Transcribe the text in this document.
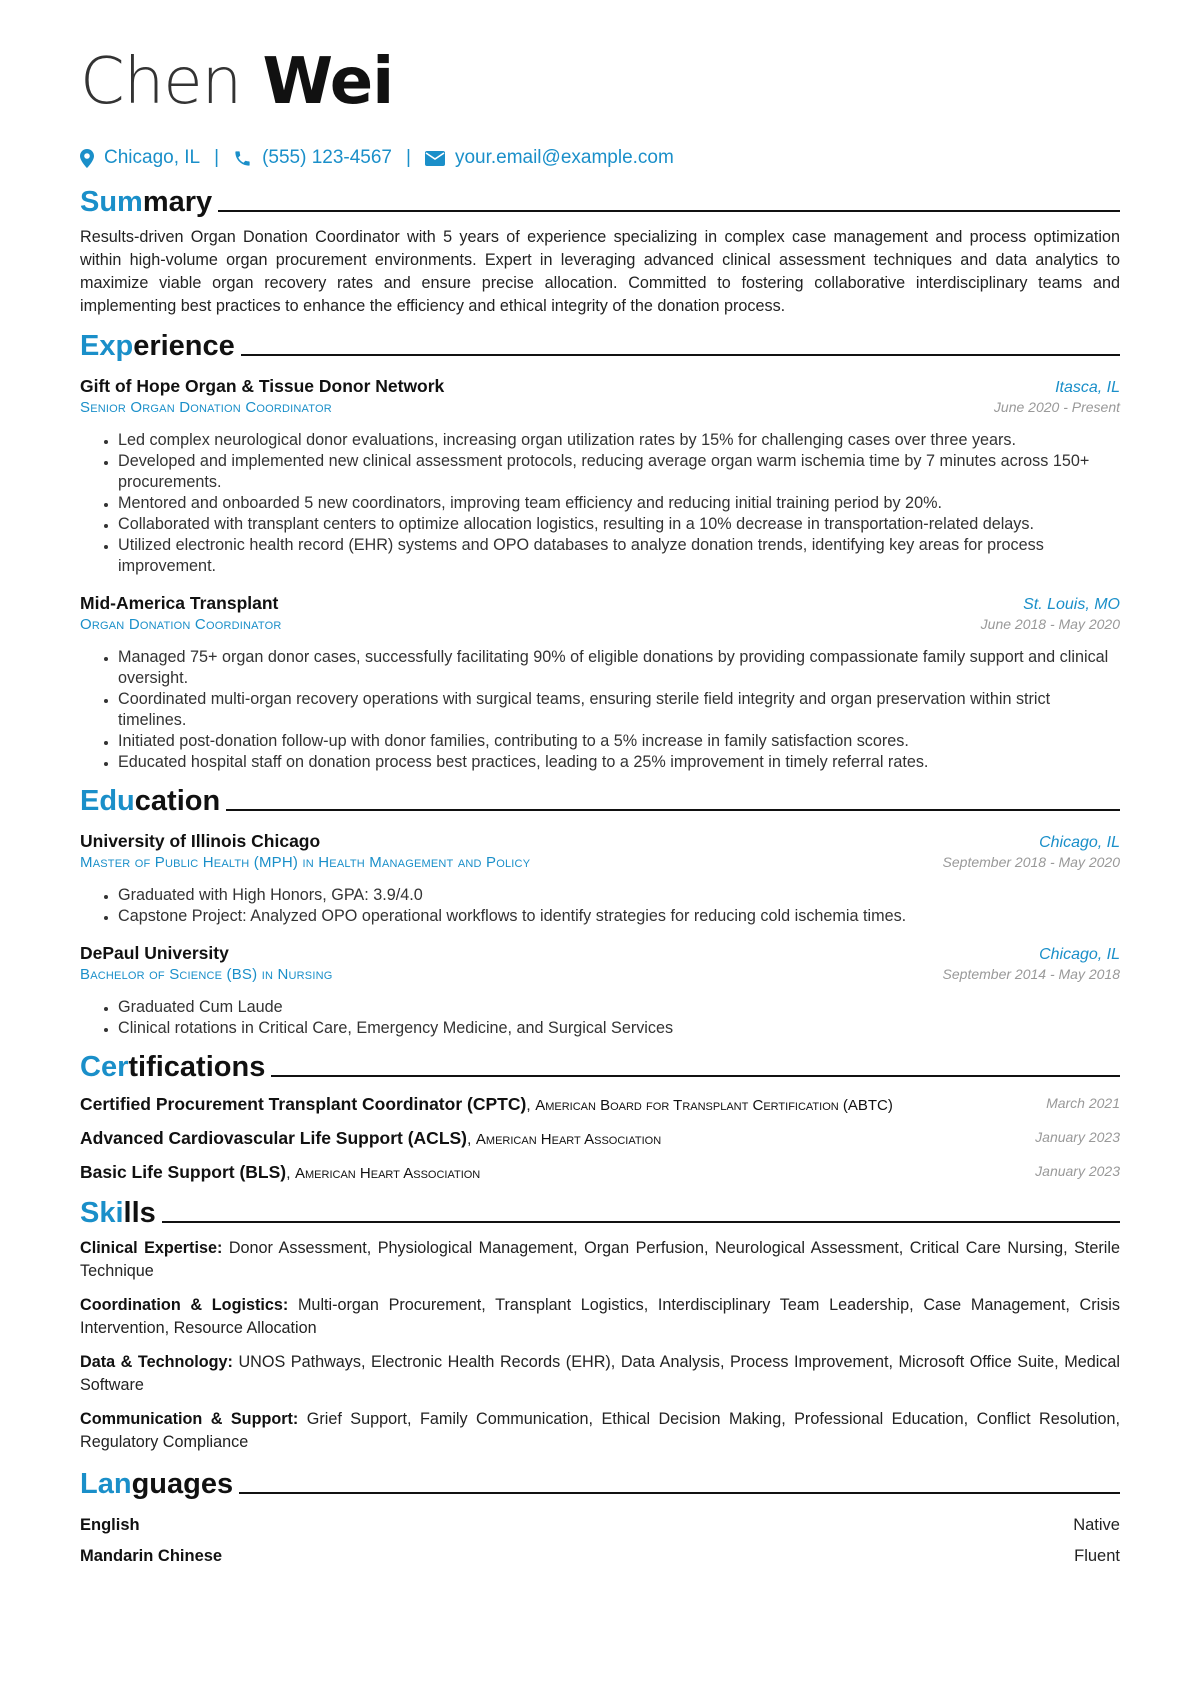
Chen Wei
Chicago, IL | (555) 123-4567 | your.email@example.com
Summary
Results-driven Organ Donation Coordinator with 5 years of experience specializing in complex case management and process optimization within high-volume organ procurement environments. Expert in leveraging advanced clinical assessment techniques and data analytics to maximize viable organ recovery rates and ensure precise allocation. Committed to fostering collaborative interdisciplinary teams and implementing best practices to enhance the efficiency and ethical integrity of the donation process.
Experience
Gift of Hope Organ & Tissue Donor Network	Itasca, IL
Senior Organ Donation Coordinator	June 2020 - Present
• Led complex neurological donor evaluations, increasing organ utilization rates by 15% for challenging cases over three years.
• Developed and implemented new clinical assessment protocols, reducing average organ warm ischemia time by 7 minutes across 150+ procurements.
• Mentored and onboarded 5 new coordinators, improving team efficiency and reducing initial training period by 20%.
• Collaborated with transplant centers to optimize allocation logistics, resulting in a 10% decrease in transportation-related delays.
• Utilized electronic health record (EHR) systems and OPO databases to analyze donation trends, identifying key areas for process improvement.
Mid-America Transplant	St. Louis, MO
Organ Donation Coordinator	June 2018 - May 2020
• Managed 75+ organ donor cases, successfully facilitating 90% of eligible donations by providing compassionate family support and clinical oversight.
• Coordinated multi-organ recovery operations with surgical teams, ensuring sterile field integrity and organ preservation within strict timelines.
• Initiated post-donation follow-up with donor families, contributing to a 5% increase in family satisfaction scores.
• Educated hospital staff on donation process best practices, leading to a 25% improvement in timely referral rates.
Education
University of Illinois Chicago	Chicago, IL
Master of Public Health (MPH) in Health Management and Policy	September 2018 - May 2020
• Graduated with High Honors, GPA: 3.9/4.0
• Capstone Project: Analyzed OPO operational workflows to identify strategies for reducing cold ischemia times.
DePaul University	Chicago, IL
Bachelor of Science (BS) in Nursing	September 2014 - May 2018
• Graduated Cum Laude
• Clinical rotations in Critical Care, Emergency Medicine, and Surgical Services
Certifications
Certified Procurement Transplant Coordinator (CPTC), American Board for Transplant Certification (ABTC)	March 2021
Advanced Cardiovascular Life Support (ACLS), American Heart Association	January 2023
Basic Life Support (BLS), American Heart Association	January 2023
Skills
Clinical Expertise: Donor Assessment, Physiological Management, Organ Perfusion, Neurological Assessment, Critical Care Nursing, Sterile Technique
Coordination & Logistics: Multi-organ Procurement, Transplant Logistics, Interdisciplinary Team Leadership, Case Management, Crisis Intervention, Resource Allocation
Data & Technology: UNOS Pathways, Electronic Health Records (EHR), Data Analysis, Process Improvement, Microsoft Office Suite, Medical Software
Communication & Support: Grief Support, Family Communication, Ethical Decision Making, Professional Education, Conflict Resolution, Regulatory Compliance
Languages
English	Native
Mandarin Chinese	Fluent
